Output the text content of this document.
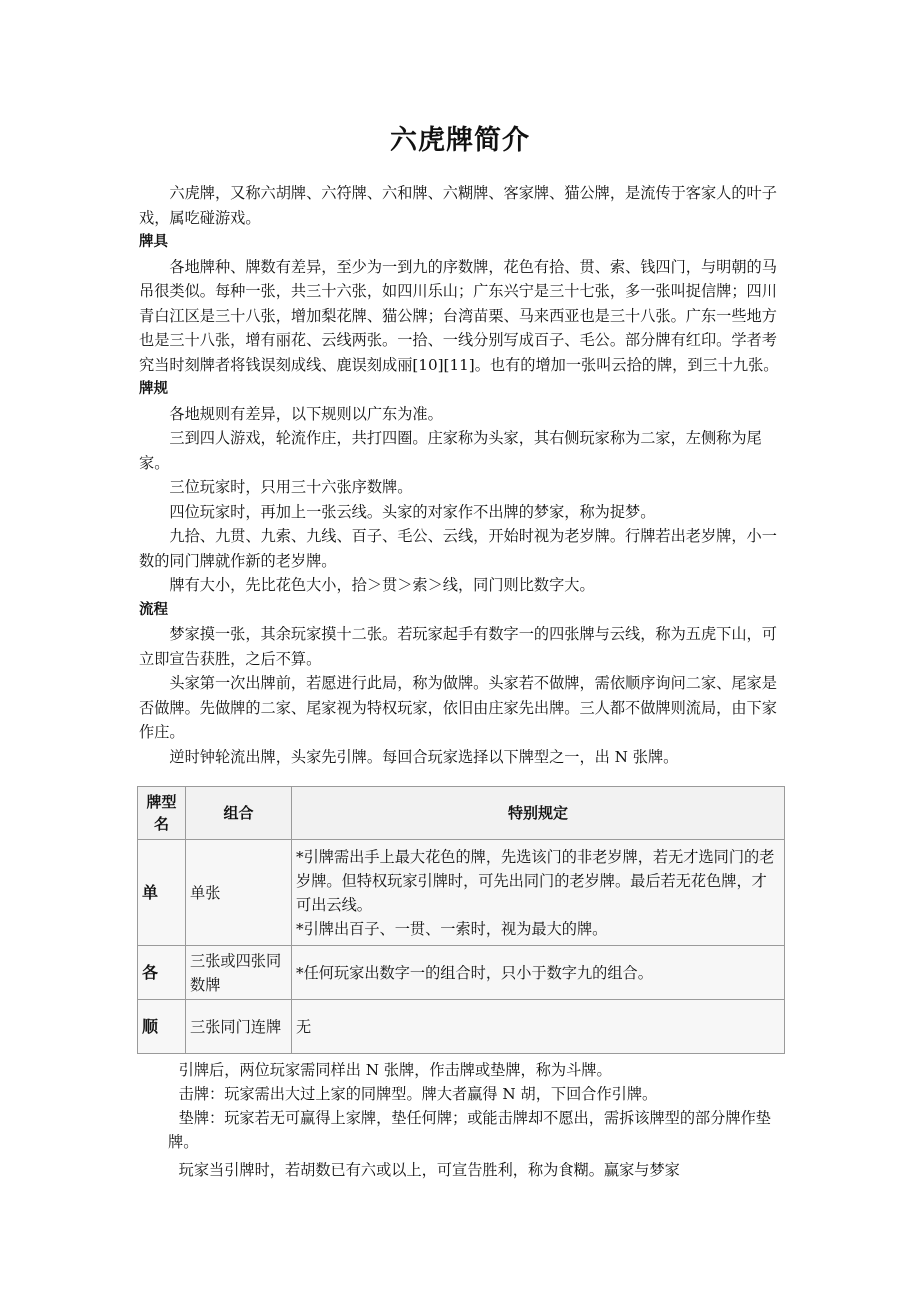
六虎牌简介

六虎牌，又称六胡牌、六符牌、六和牌、六糊牌、客家牌、猫公牌，是流传于客家人的叶子戏，属吃碰游戏。

牌具

各地牌种、牌数有差异，至少为一到九的序数牌，花色有拾、贯、索、钱四门，与明朝的马吊很类似。每种一张，共三十六张，如四川乐山；广东兴宁是三十七张，多一张叫捉信牌；四川青白江区是三十八张，增加梨花牌、猫公牌；台湾苗栗、马来西亚也是三十八张。广东一些地方也是三十八张，增有丽花、云线两张。一拾、一线分别写成百子、毛公。部分牌有红印。学者考究当时刻牌者将钱误刻成线、鹿误刻成丽[10][11]。也有的增加一张叫云拾的牌，到三十九张。

牌规

各地规则有差异，以下规则以广东为准。

三到四人游戏，轮流作庄，共打四圈。庄家称为头家，其右侧玩家称为二家，左侧称为尾家。

三位玩家时，只用三十六张序数牌。

四位玩家时，再加上一张云线。头家的对家作不出牌的梦家，称为捉梦。

九拾、九贯、九索、九线、百子、毛公、云线，开始时视为老岁牌。行牌若出老岁牌，小一数的同门牌就作新的老岁牌。

牌有大小，先比花色大小，拾＞贯＞索＞线，同门则比数字大。

流程

梦家摸一张，其余玩家摸十二张。若玩家起手有数字一的四张牌与云线，称为五虎下山，可立即宣告获胜，之后不算。

头家第一次出牌前，若愿进行此局，称为做牌。头家若不做牌，需依顺序询问二家、尾家是否做牌。先做牌的二家、尾家视为特权玩家，依旧由庄家先出牌。三人都不做牌则流局，由下家作庄。

逆时钟轮流出牌，头家先引牌。每回合玩家选择以下牌型之一，出 N 张牌。

牌型名	组合	特别规定
单	单张	*引牌需出手上最大花色的牌，先选该门的非老岁牌，若无才选同门的老岁牌。但特权玩家引牌时，可先出同门的老岁牌。最后若无花色牌，才可出云线。
*引牌出百子、一贯、一索时，视为最大的牌。

各	三张或四张同数牌	*任何玩家出数字一的组合时，只小于数字九的组合。

顺	三张同门连牌	无

引牌后，两位玩家需同样出 N 张牌，作击牌或垫牌，称为斗牌。

击牌：玩家需出大过上家的同牌型。牌大者赢得 N 胡，下回合作引牌。

垫牌：玩家若无可赢得上家牌，垫任何牌；或能击牌却不愿出，需拆该牌型的部分牌作垫牌。

玩家当引牌时，若胡数已有六或以上，可宣告胜利，称为食糊。赢家与梦家
